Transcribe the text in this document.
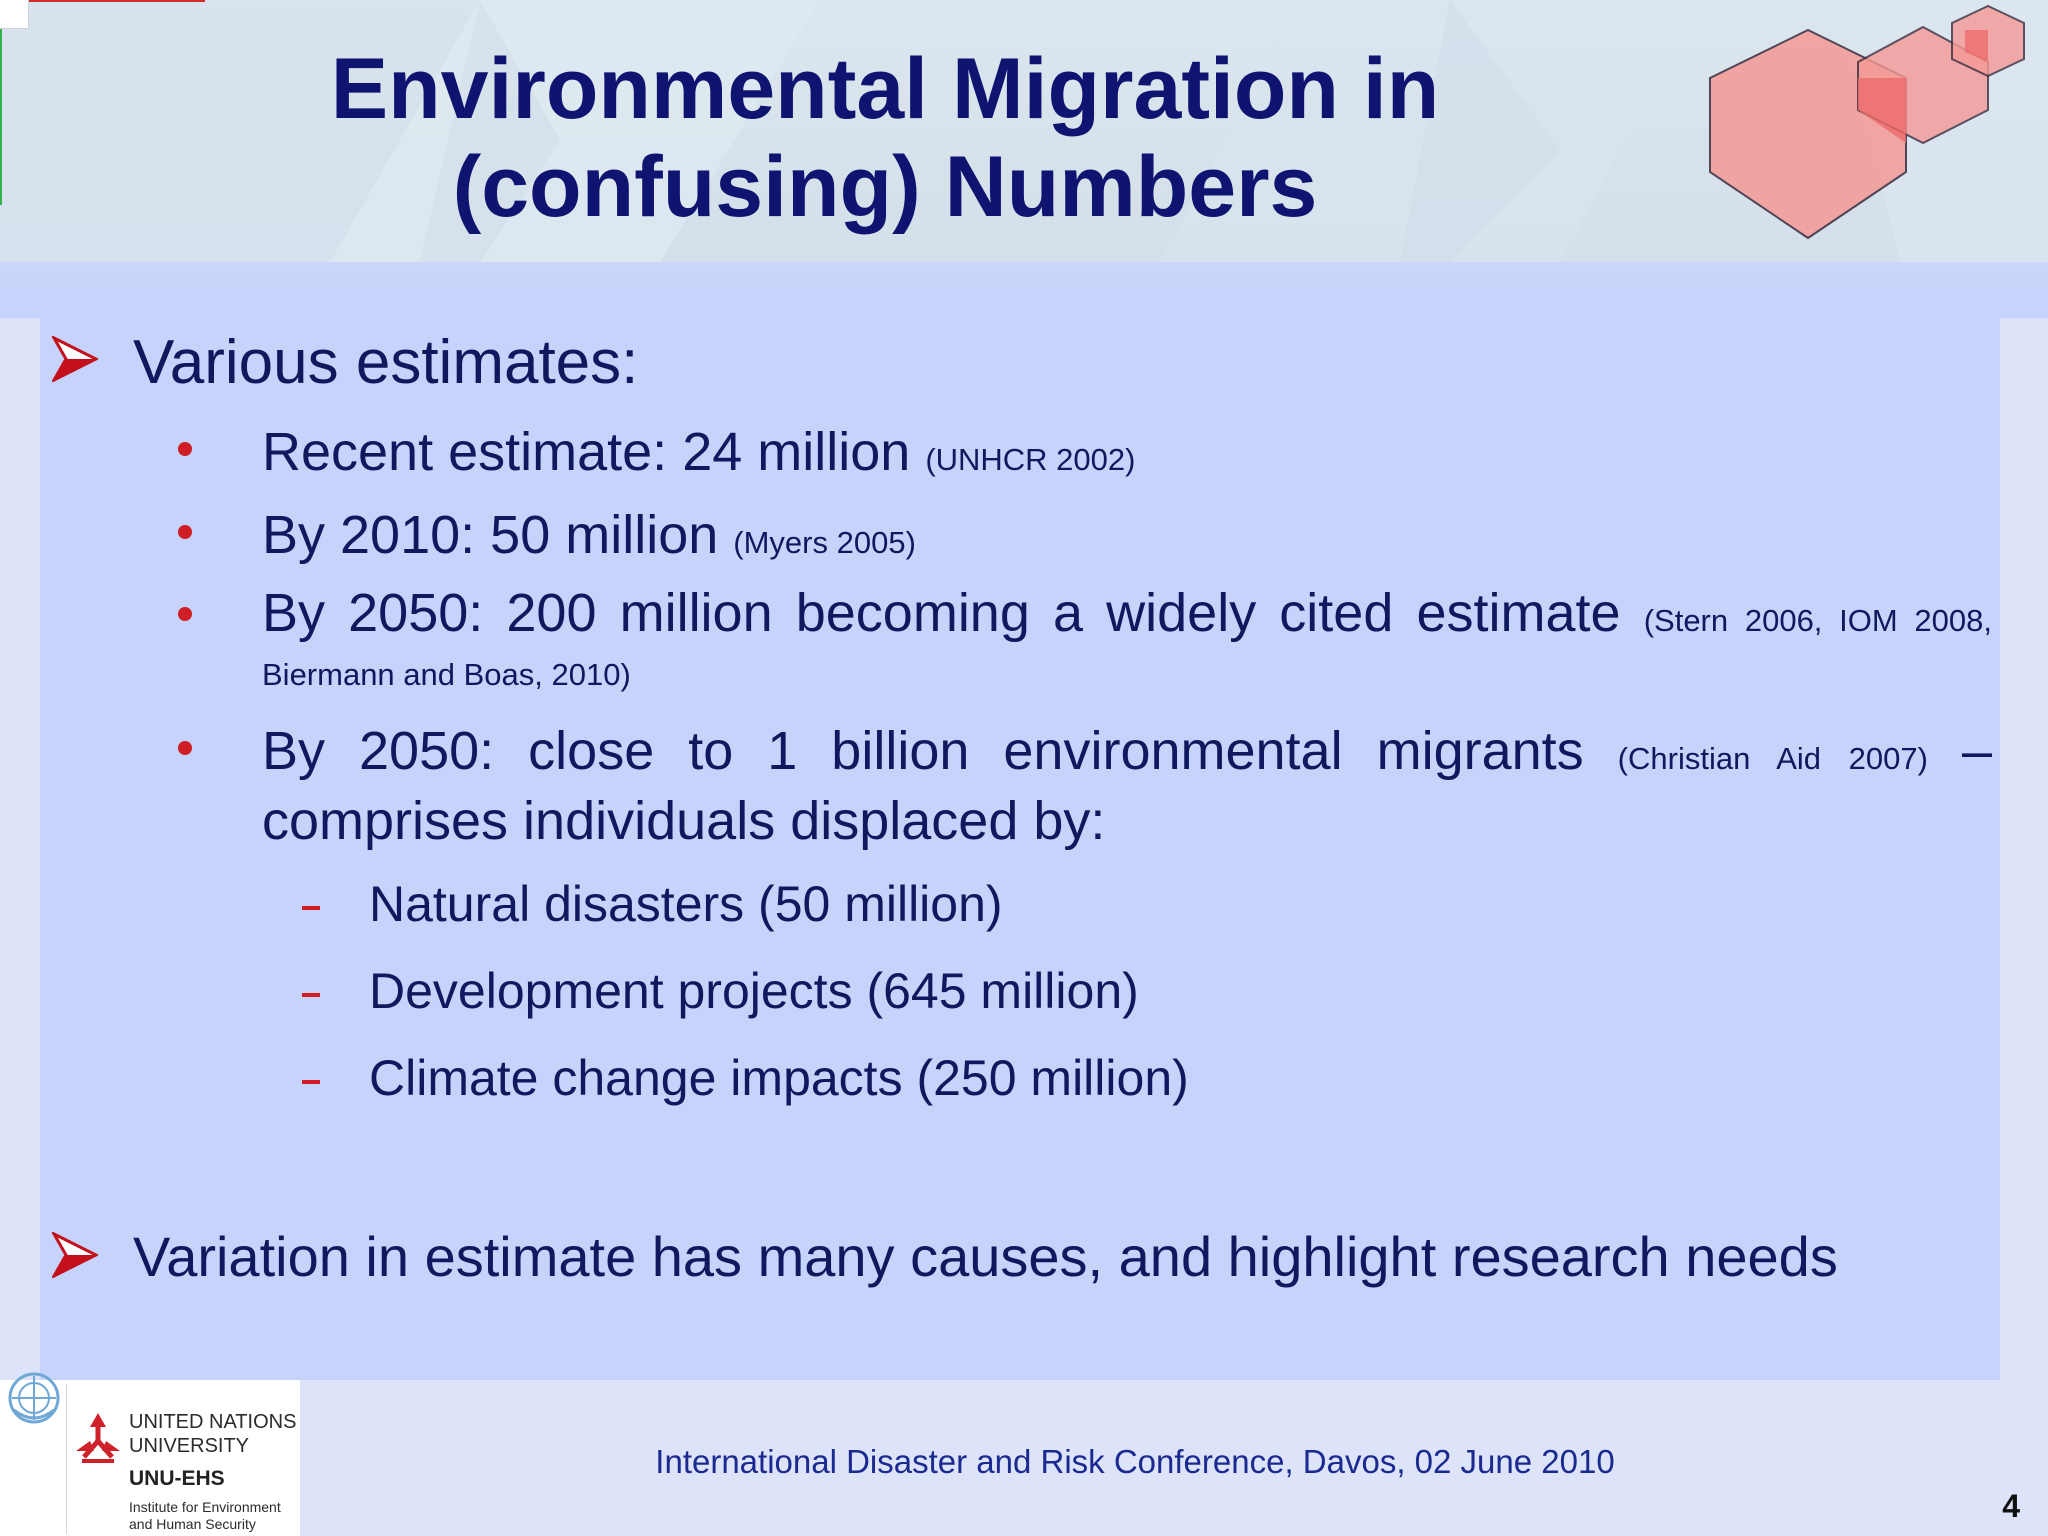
Environmental Migration in
(confusing) Numbers
Various estimates:
Recent estimate: 24 million (UNHCR 2002)
By 2010: 50 million (Myers 2005)
By 2050: 200 million becoming a widely cited estimate (Stern 2006, IOM 2008, Biermann and Boas, 2010)
By 2050: close to 1 billion environmental migrants (Christian Aid 2007) – comprises individuals displaced by:
Natural disasters (50 million)
Development projects (645 million)
Climate change impacts (250 million)
Variation in estimate has many causes, and highlight research needs
UNITED NATIONS
UNIVERSITY
UNU-EHS
Institute for Environment
and Human Security
International Disaster and Risk Conference, Davos, 02 June 2010
4
